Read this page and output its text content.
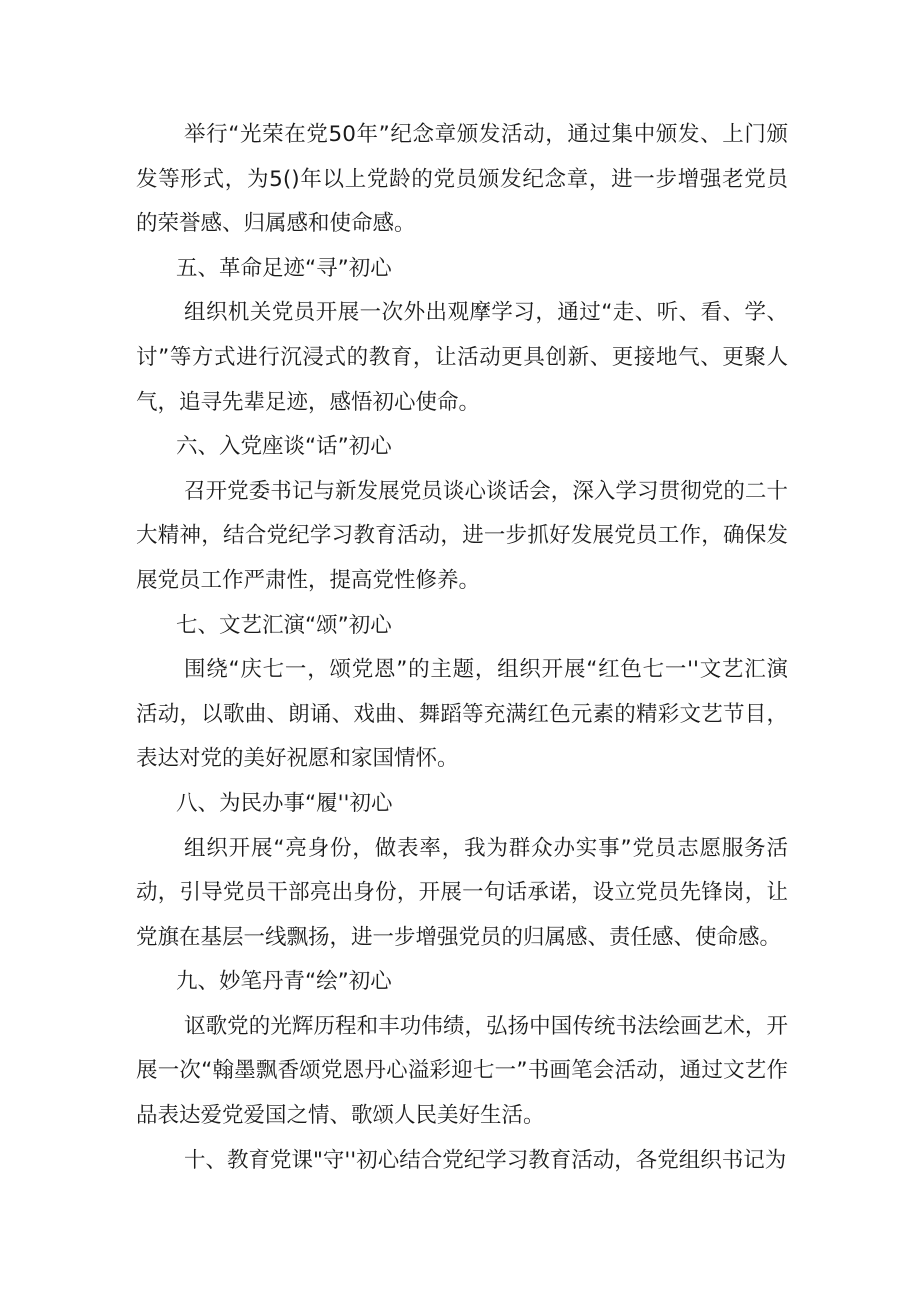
举行“光荣在党50年”纪念章颁发活动，通过集中颁发、上门颁发等形式，为5()年以上党龄的党员颁发纪念章，进一步增强老党员的荣誉感、归属感和使命感。

五、革命足迹“寻”初心

组织机关党员开展一次外出观摩学习，通过“走、听、看、学、讨”等方式进行沉浸式的教育，让活动更具创新、更接地气、更聚人气，追寻先辈足迹，感悟初心使命。

六、入党座谈“话”初心

召开党委书记与新发展党员谈心谈话会，深入学习贯彻党的二十大精神，结合党纪学习教育活动，进一步抓好发展党员工作，确保发展党员工作严肃性，提高党性修养。

七、文艺汇演“颂”初心

围绕“庆七一，颂党恩”的主题，组织开展“红色七一''文艺汇演活动，以歌曲、朗诵、戏曲、舞蹈等充满红色元素的精彩文艺节目，表达对党的美好祝愿和家国情怀。

八、为民办事“履''初心

组织开展“亮身份，做表率，我为群众办实事”党员志愿服务活动，引导党员干部亮出身份，开展一句话承诺，设立党员先锋岗，让党旗在基层一线飘扬，进一步增强党员的归属感、责任感、使命感。

九、妙笔丹青“绘”初心

讴歌党的光辉历程和丰功伟绩，弘扬中国传统书法绘画艺术，开展一次“翰墨飘香颂党恩丹心溢彩迎七一”书画笔会活动，通过文艺作品表达爱党爱国之情、歌颂人民美好生活。

十、教育党课"守''初心结合党纪学习教育活动，各党组织书记为
